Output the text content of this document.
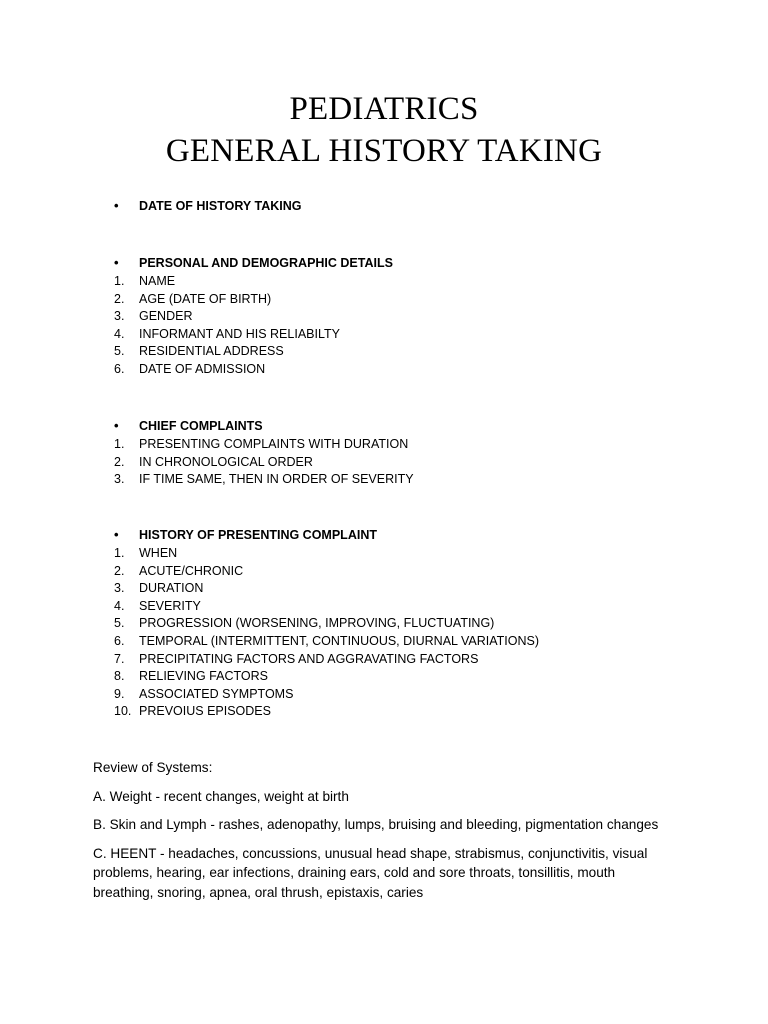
PEDIATRICS
GENERAL HISTORY TAKING
• DATE OF HISTORY TAKING
• PERSONAL AND DEMOGRAPHIC DETAILS
1. NAME
2. AGE (DATE OF BIRTH)
3. GENDER
4. INFORMANT AND HIS RELIABILTY
5. RESIDENTIAL ADDRESS
6. DATE OF ADMISSION
• CHIEF COMPLAINTS
1. PRESENTING COMPLAINTS WITH DURATION
2. IN CHRONOLOGICAL ORDER
3. IF TIME SAME, THEN IN ORDER OF SEVERITY
• HISTORY OF PRESENTING COMPLAINT
1. WHEN
2. ACUTE/CHRONIC
3. DURATION
4. SEVERITY
5. PROGRESSION (WORSENING, IMPROVING, FLUCTUATING)
6. TEMPORAL (INTERMITTENT, CONTINUOUS, DIURNAL VARIATIONS)
7. PRECIPITATING FACTORS AND AGGRAVATING FACTORS
8. RELIEVING FACTORS
9. ASSOCIATED SYMPTOMS
10. PREVOIUS EPISODES

Review of Systems:

A. Weight - recent changes, weight at birth

B. Skin and Lymph - rashes, adenopathy, lumps, bruising and bleeding, pigmentation changes

C. HEENT - headaches, concussions, unusual head shape, strabismus, conjunctivitis, visual problems, hearing, ear infections, draining ears, cold and sore throats, tonsillitis, mouth breathing, snoring, apnea, oral thrush, epistaxis, caries
